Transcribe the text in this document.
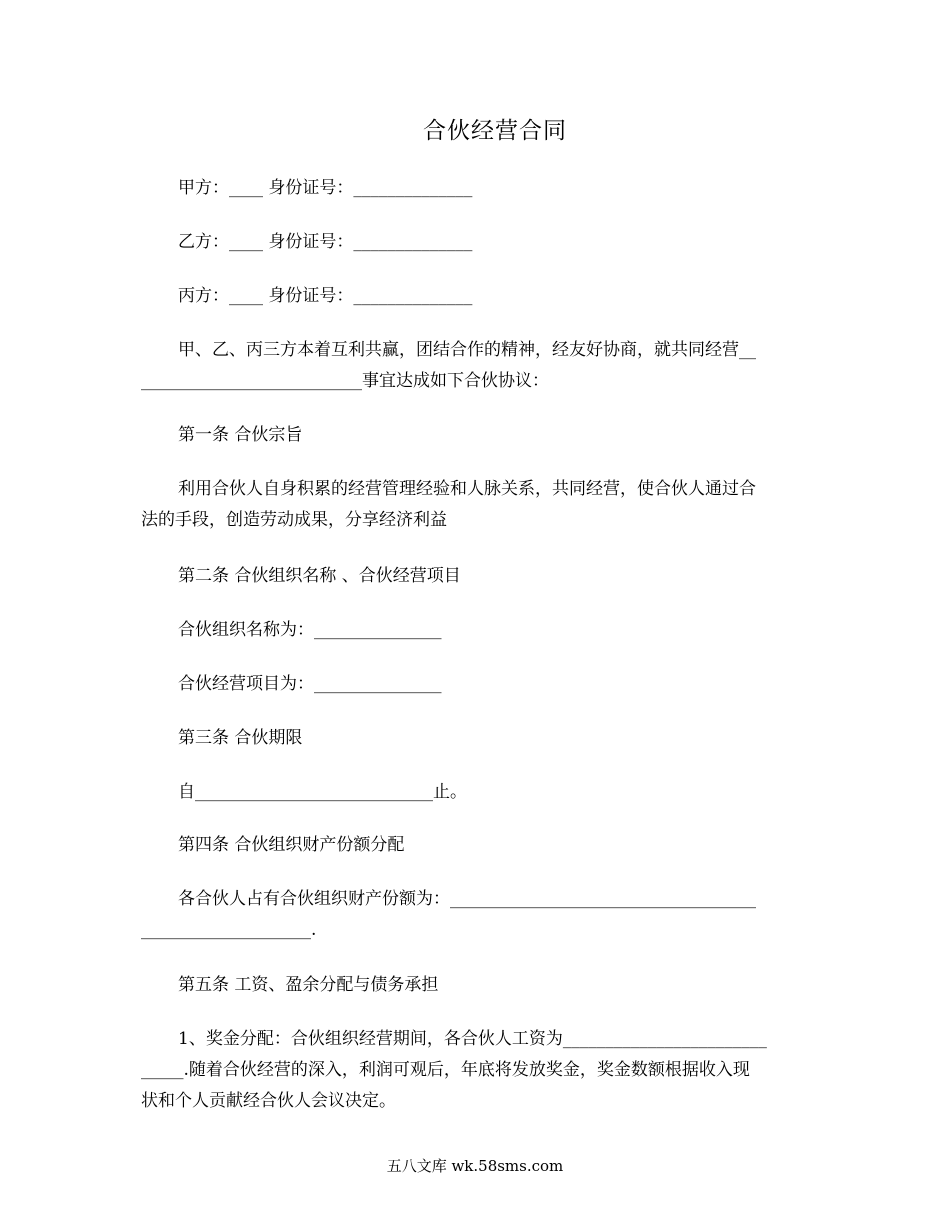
合伙经营合同
甲方：____ 身份证号：______________
乙方：____ 身份证号：______________
丙方：____ 身份证号：______________
甲、乙、丙三方本着互利共赢，团结合作的精神，经友好协商，就共同经营__
__________________________事宜达成如下合伙协议：
第一条 合伙宗旨
利用合伙人自身积累的经营管理经验和人脉关系，共同经营，使合伙人通过合
法的手段，创造劳动成果，分享经济利益
第二条 合伙组织名称 、合伙经营项目
合伙组织名称为：_______________
合伙经营项目为：_______________
第三条 合伙期限
自____________________________止。
第四条 合伙组织财产份额分配
各合伙人占有合伙组织财产份额为：____________________________________
____________________.
第五条 工资、盈余分配与债务承担
1、奖金分配：合伙组织经营期间，各合伙人工资为________________________
_____.随着合伙经营的深入，利润可观后，年底将发放奖金，奖金数额根据收入现
状和个人贡献经合伙人会议决定。
五八文库 wk.58sms.com
